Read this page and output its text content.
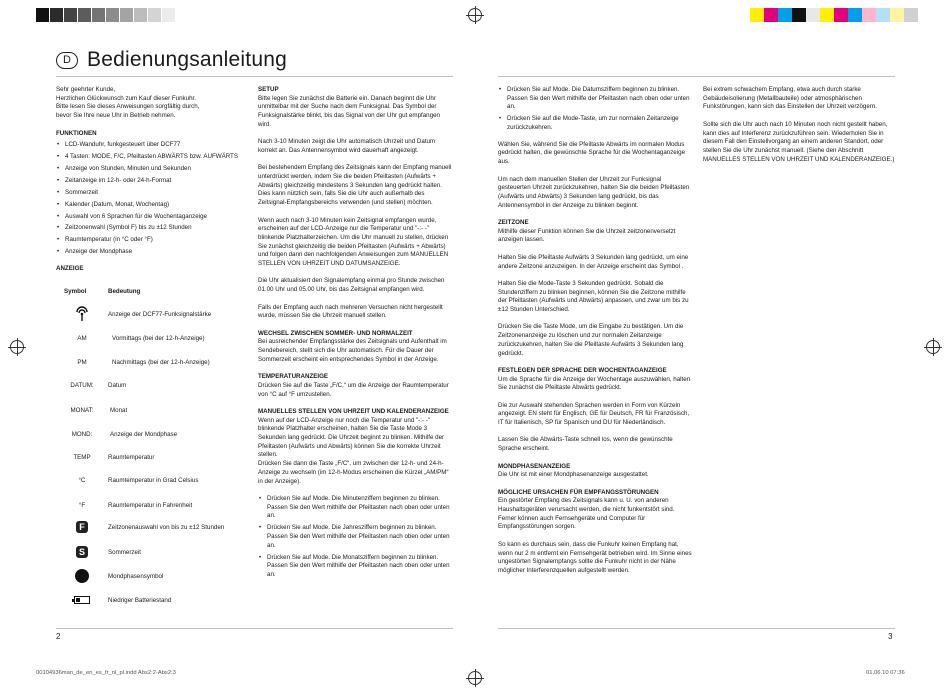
D Bedienungsanleitung
Sehr geehrter Kunde,
Herzlichen Glückwunsch zum Kauf dieser Funkuhr.
Bitte lesen Sie dieses Anweisungen sorgfältig durch,
bevor Sie Ihre neue Uhr in Betrieb nehmen.
FUNKTIONEN
• LCD-Wanduhr, funkgesteuert über DCF77
• 4 Tasten: MODE, F/C, Pfeiltasten ABWÄRTS bzw. AUFWÄRTS
• Anzeige von Stunden, Minuten und Sekunden
• Zeitanzeige im 12-h- oder 24-h-Format
• Sommerzeit
• Kalender (Datum, Monat, Wochentag)
• Auswahl von 6 Sprachen für die Wochentaganzeige
• Zeitzonenwahl (Symbol F) bis zu ±12 Stunden
• Raumtemperatur (in °C oder °F)
• Anzeige der Mondphase
ANZEIGE
Symbol	Bedeutung
Anzeige der DCF77-Funksignalstärke
AM	Vormittags (bei der 12-h-Anzeige)
PM	Nachmittags (bei der 12-h-Anzeige)
DATUM:	Datum
MONAT:	Monat
MOND:	Anzeige der Mondphase
TEMP	Raumtemperatur
°C	Raumtemperatur in Grad Celsius
°F	Raumtemperatur in Fahrenheit
F	Zeitzonenauswahl von bis zu ±12 Stunden
S	Sommerzeit
Mondphasensymbol
Niedriger Batteriestand
2
SETUP

Bitte legen Sie zunächst die Batterie ein. Danach beginnt die Uhr unmittelbar mit der Suche nach dem Funksignal. Das Symbol der Funksignalstärke blinkt, bis das Signal von der Uhr gut empfangen wird.

Nach 3-10 Minuten zeigt die Uhr automatisch Uhrzeit und Datum korrekt an. Das Antennensymbol wird dauerhaft angezeigt.

Bei bestehendem Empfang des Zeitsignals kann der Empfang manuell unterdrückt werden, indem Sie die beiden Pfeiltasten (Aufwärts + Abwärts) gleichzeitig mindestens 3 Sekunden lang gedrückt halten. Dies kann nützlich sein, falls Sie die Uhr auch außerhalb des Zeitsignal-Empfangsbereichs verwenden (und stellen) möchten.

Wenn auch nach 3-10 Minuten kein Zeitsignal empfangen wurde, erscheinen auf der LCD-Anzeige nur die Temperatur und "-:- -" blinkende Platzhalterzeichen. Um die Uhr manuell zu stellen, drücken Sie zunächst gleichzeitig die beiden Pfeiltasten (Aufwärts + Abwärts) und folgen dann den nachfolgenden Anweisungen zum MANUELLEN STELLEN VON UHRZEIT UND DATUMSANZEIGE.

Die Uhr aktualisiert den Signalempfang einmal pro Stunde zwischen 01.00 Uhr und 05.00 Uhr, bis das Zeitsignal empfangen wird.

Falls der Empfang auch nach mehreren Versuchen nicht hergestellt wurde, müssen Sie die Uhrzeit manuell stellen.

WECHSEL ZWISCHEN SOMMER- UND NORMALZEIT

Bei ausreichender Empfangsstärke des Zeitsignals und Aufenthalt im Sendebereich, stellt sich die Uhr automatisch. Für die Dauer der Sommerzeit erscheint ein entsprechendes Symbol in der Anzeige.

TEMPERATURANZEIGE

Drücken Sie auf die Taste „F/C,“ um die Anzeige der Raumtemperatur von °C auf °F umzustellen.

MANUELLES STELLEN VON UHRZEIT UND KALENDERANZEIGE

Wenn auf der LCD-Anzeige nur noch die Temperatur und "-:- -" blinkende Platzhalter erscheinen, halten Sie die Taste Mode 3 Sekunden lang gedrückt. Die Uhrzeit beginnt zu blinken. Mithilfe der Pfeiltasten (Aufwärts und Abwärts) können Sie die korrekte Uhrzeit stellen.

Drücken Sie dann die Taste „F/C“, um zwischen der 12-h- und 24-h-Anzeige zu wechseln (im 12-h-Modus erscheinen die Kürzel „AM/PM“ in der Anzeige).

• Drücken Sie auf Mode. Die Minutenziffern beginnen zu blinken. Passen Sie den Wert mithilfe der Pfeiltasten nach oben oder unten an.
• Drücken Sie auf Mode. Die Jahresziffern beginnen zu blinken. Passen Sie den Wert mithilfe der Pfeiltasten nach oben oder unten an.
• Drücken Sie auf Mode. Die Monatsziffern beginnen zu blinken. Passen Sie den Wert mithilfe der Pfeiltasten nach oben oder unten an.
• Drücken Sie auf Mode. Die Datumsziffern beginnen zu blinken. Passen Sie den Wert mithilfe der Pfeiltasten nach oben oder unten an.
• Drücken Sie auf die Mode-Taste, um zur normalen Zeitanzeige zurückzukehren.

Wählen Sie, während Sie die Pfeiltaste Abwärts im normalen Modus gedrückt halten, die gewünschte Sprache für die Wochentaganzeige aus.

Um nach dem manuellen Stellen der Uhrzeit zur Funksignal gesteuerten Uhrzeit zurückzukehren, halten Sie die beiden Pfeiltasten (Aufwärts und Abwärts) 3 Sekunden lang gedrückt, bis das Antennensymbol in der Anzeige zu blinken beginnt.

ZEITZONE

Mithilfe dieser Funktion können Sie die Uhrzeit zeitzonenversetzt anzeigen lassen.

Halten Sie die Pfeiltaste Aufwärts 3 Sekunden lang gedrückt, um eine andere Zeitzone anzuzeigen. In der Anzeige erscheint das Symbol .

Halten Sie die Mode-Taste 3 Sekunden gedrückt. Sobald die Stundenziffern zu blinken beginnen, können Sie die Zeitzone mithilfe der Pfeiltasten (Aufwärts und Abwärts) anpassen, und zwar um bis zu ±12 Stunden Unterschied.

Drücken Sie die Taste Mode, um die Eingabe zu bestätigen. Um die Zeitzonenanzeige zu löschen und zur normalen Zeitanzeige zurückzukehren, halten Sie die Pfeiltaste Aufwärts 3 Sekunden lang gedrückt.

FESTLEGEN DER SPRACHE DER WOCHENTAGANZEIGE

Um die Sprache für die Anzeige der Wochentage auszuwählen, halten Sie zunächst die Pfeiltaste Abwärts gedrückt.

Die zur Auswahl stehenden Sprachen werden in Form von Kürzeln angezeigt. EN steht für Englisch, GE für Deutsch, FR für Französisch, IT für Italienisch, SP für Spanisch und DU für Niederländisch.

Lassen Sie die Abwärts-Taste schnell los, wenn die gewünschte Sprache erscheint.

MONDPHASENANZEIGE

Die Uhr ist mit einer Mondphasenanzeige ausgestattet.

MÖGLICHE URSACHEN FÜR EMPFANGSSTÖRUNGEN

Ein gestörter Empfang des Zeitsignals kann u. U. von anderen Haushaltsgeräten verursacht werden, die nicht funkentstört sind. Ferner können auch Fernsehgeräte und Computer für Empfangsstörungen sorgen.

So kann es durchaus sein, dass die Funkuhr keinen Empfang hat, wenn nur 2 m entfernt ein Fernsehgerät betrieben wird. Im Sinne eines ungestörten Signalempfangs sollte die Funkuhr nicht in der Nähe möglicher Interferenzquellen aufgestellt werden.

Bei extrem schwachem Empfang, etwa auch durch starke Gebäudeisolierung (Metallbauteile) oder atmosphärischen Funkstörungen, kann sich das Einstellen der Uhrzeit verzögern.

Sollte sich die Uhr auch nach 10 Minuten noch nicht gestellt haben, kann dies auf Interferenz zurückzuführen sein. Wiederholen Sie in diesem Fall den Einstellvorgang an einem anderen Standort, oder stellen Sie die Uhr zunächst manuell. (Siehe den Abschnitt MANUELLES STELLEN VON UHRZEIT UND KALENDERANZEIGE.)

3
00104936man_de_en_es_fr_nl_pl.indd Abs2:2-Abs2:3	01.06.10 07:36
